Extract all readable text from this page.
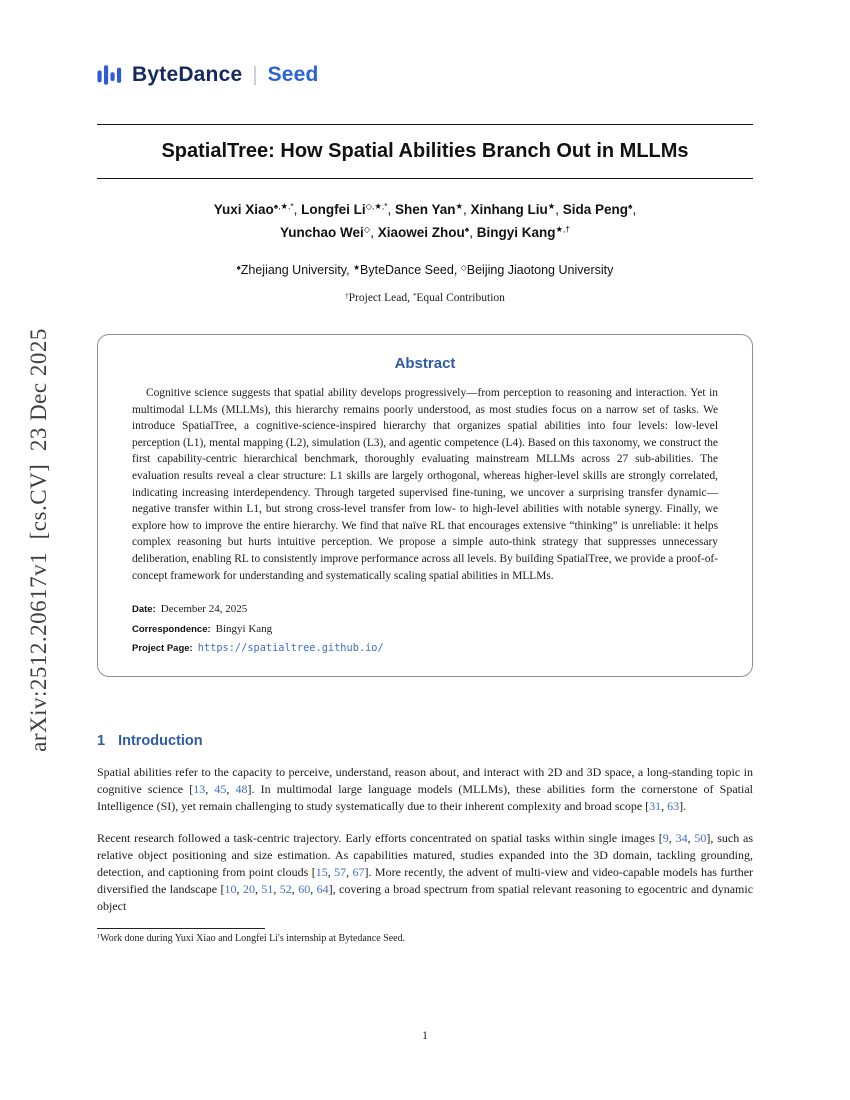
arXiv:2512.20617v1  [cs.CV]  23 Dec 2025
ByteDance | Seed
SpatialTree: How Spatial Abilities Branch Out in MLLMs
Yuxi Xiao♠,★,*, Longfei Li◇,★,*, Shen Yan★, Xinhang Liu★, Sida Peng♠,
Yunchao Wei◇, Xiaowei Zhou♠, Bingyi Kang★,†
♠Zhejiang University, ★ByteDance Seed, ◇Beijing Jiaotong University
†Project Lead, *Equal Contribution
Abstract

Cognitive science suggests that spatial ability develops progressively—from perception to reasoning and interaction. Yet in multimodal LLMs (MLLMs), this hierarchy remains poorly understood, as most studies focus on a narrow set of tasks. We introduce SpatialTree, a cognitive-science-inspired hierarchy that organizes spatial abilities into four levels: low-level perception (L1), mental mapping (L2), simulation (L3), and agentic competence (L4). Based on this taxonomy, we construct the first capability-centric hierarchical benchmark, thoroughly evaluating mainstream MLLMs across 27 sub-abilities. The evaluation results reveal a clear structure: L1 skills are largely orthogonal, whereas higher-level skills are strongly correlated, indicating increasing interdependency. Through targeted supervised fine-tuning, we uncover a surprising transfer dynamic—negative transfer within L1, but strong cross-level transfer from low- to high-level abilities with notable synergy. Finally, we explore how to improve the entire hierarchy. We find that naïve RL that encourages extensive “thinking” is unreliable: it helps complex reasoning but hurts intuitive perception. We propose a simple auto-think strategy that suppresses unnecessary deliberation, enabling RL to consistently improve performance across all levels. By building SpatialTree, we provide a proof-of-concept framework for understanding and systematically scaling spatial abilities in MLLMs.

Date: December 24, 2025
Correspondence: Bingyi Kang
Project Page: https://spatialtree.github.io/
1 Introduction

Spatial abilities refer to the capacity to perceive, understand, reason about, and interact with 2D and 3D space, a long-standing topic in cognitive science [13, 45, 48]. In multimodal large language models (MLLMs), these abilities form the cornerstone of Spatial Intelligence (SI), yet remain challenging to study systematically due to their inherent complexity and broad scope [31, 63].

Recent research followed a task-centric trajectory. Early efforts concentrated on spatial tasks within single images [9, 34, 50], such as relative object positioning and size estimation. As capabilities matured, studies expanded into the 3D domain, tackling grounding, detection, and captioning from point clouds [15, 57, 67]. More recently, the advent of multi-view and video-capable models has further diversified the landscape [10, 20, 51, 52, 60, 64], covering a broad spectrum from spatial relevant reasoning to egocentric and dynamic object

$^1$Work done during Yuxi Xiao and Longfei Li's internship at Bytedance Seed.
1
